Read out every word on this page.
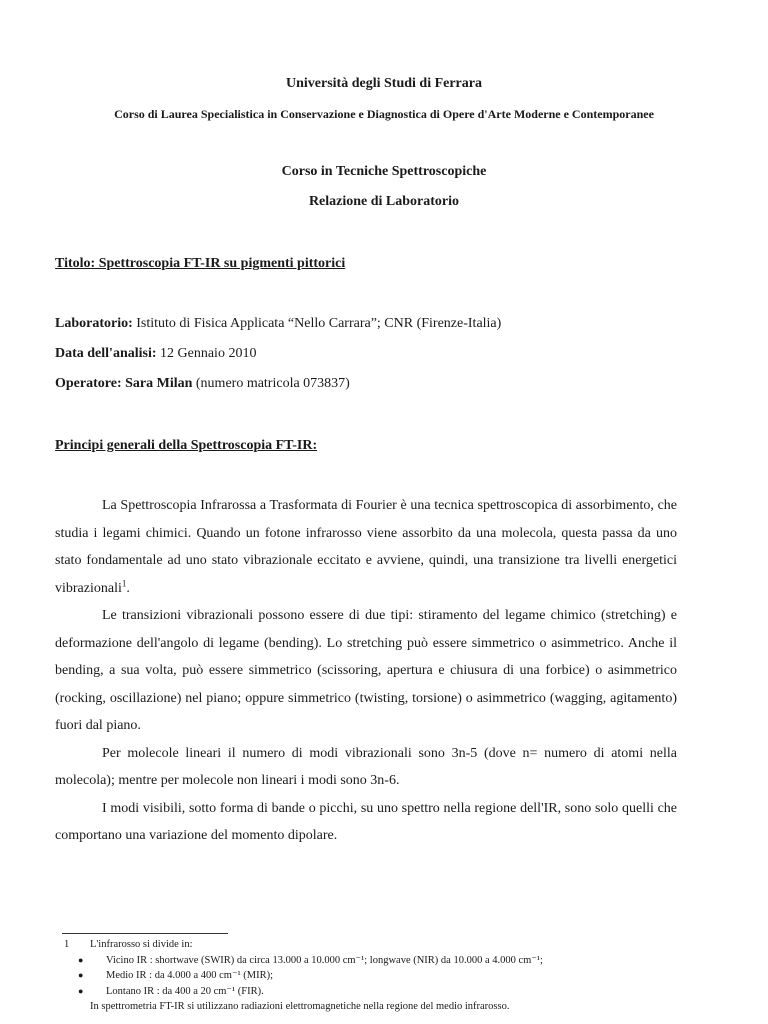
Università degli Studi di Ferrara
Corso di Laurea Specialistica in Conservazione e Diagnostica di Opere d'Arte Moderne e Contemporanee
Corso in Tecniche Spettroscopiche
Relazione di Laboratorio
Titolo: Spettroscopia FT-IR su pigmenti pittorici
Laboratorio: Istituto di Fisica Applicata “Nello Carrara”; CNR (Firenze-Italia)
Data dell'analisi: 12 Gennaio 2010
Operatore: Sara Milan (numero matricola 073837)
Principi generali della Spettroscopia FT-IR:

La Spettroscopia Infrarossa a Trasformata di Fourier è una tecnica spettroscopica di assorbimento, che studia i legami chimici. Quando un fotone infrarosso viene assorbito da una molecola, questa passa da uno stato fondamentale ad uno stato vibrazionale eccitato e avviene, quindi, una transizione tra livelli energetici vibrazionali$^1$.

Le transizioni vibrazionali possono essere di due tipi: stiramento del legame chimico (stretching) e deformazione dell'angolo di legame (bending). Lo stretching può essere simmetrico o asimmetrico. Anche il bending, a sua volta, può essere simmetrico (scissoring, apertura e chiusura di una forbice) o asimmetrico (rocking, oscillazione) nel piano; oppure simmetrico (twisting, torsione) o asimmetrico (wagging, agitamento) fuori dal piano.

Per molecole lineari il numero di modi vibrazionali sono 3n-5 (dove n= numero di atomi nella molecola); mentre per molecole non lineari i modi sono 3n-6.

I modi visibili, sotto forma di bande o picchi, su uno spettro nella regione dell'IR, sono solo quelli che comportano una variazione del momento dipolare.

1 L'infrarosso si divide in:
● Vicino IR : shortwave (SWIR) da circa 13.000 a 10.000 cm⁻¹; longwave (NIR) da 10.000 a 4.000 cm⁻¹;
● Medio IR : da 4.000 a 400 cm⁻¹ (MIR);
● Lontano IR : da 400 a 20 cm⁻¹ (FIR).
In spettrometria FT-IR si utilizzano radiazioni elettromagnetiche nella regione del medio infrarosso.
